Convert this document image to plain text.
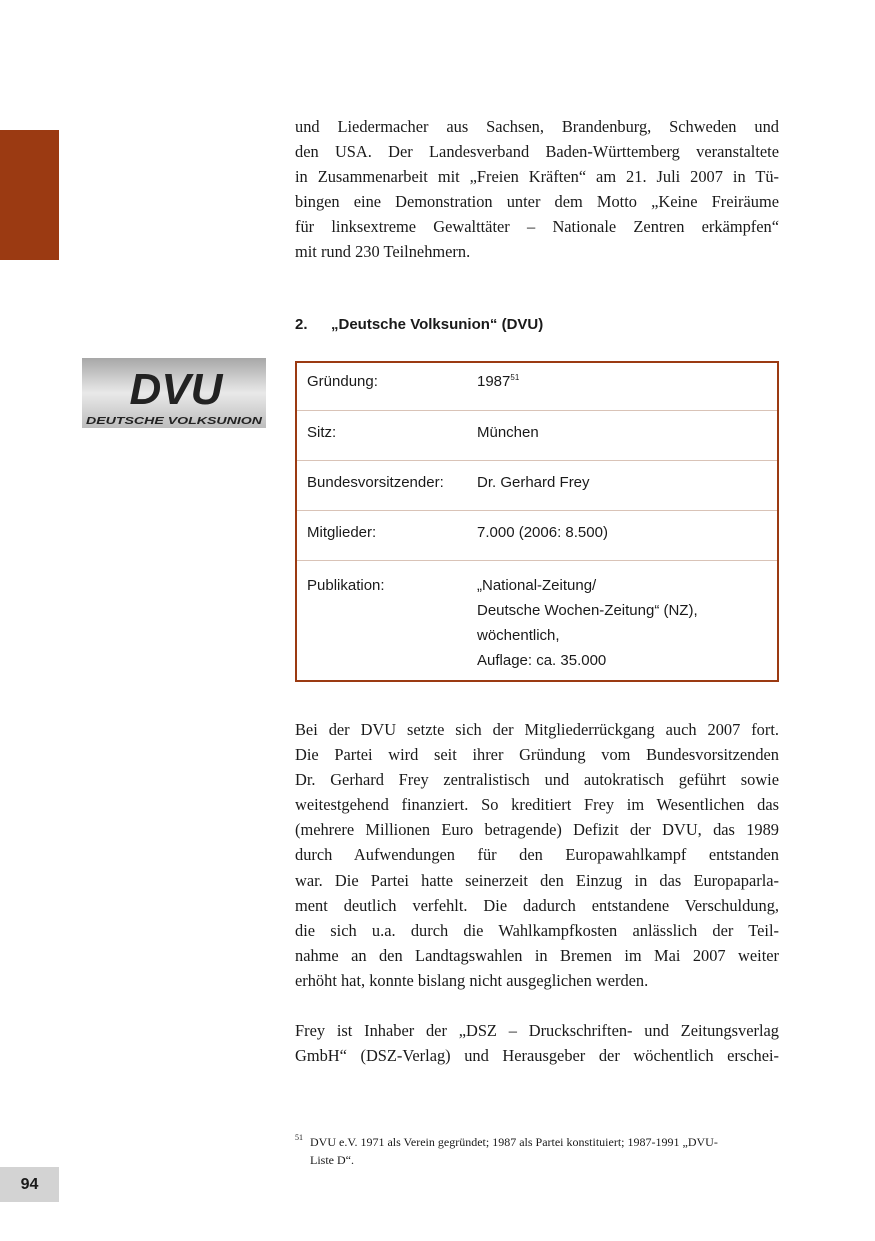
und Liedermacher aus Sachsen, Brandenburg, Schweden und
den USA. Der Landesverband Baden-Württemberg veranstaltete
in Zusammenarbeit mit „Freien Kräften“ am 21. Juli 2007 in Tü-
bingen eine Demonstration unter dem Motto „Keine Freiräume
für linksextreme Gewalttäter – Nationale Zentren erkämpfen“
mit rund 230 Teilnehmern.

2. „Deutsche Volksunion“ (DVU)
DVU
DEUTSCHE VOLKSUNION
Gründung:	1987$^{51}$
Sitz:	München
Bundesvorsitzender:	Dr. Gerhard Frey
Mitglieder:	7.000 (2006: 8.500)
Publikation:	„National-Zeitung/
Deutsche Wochen-Zeitung“ (NZ),
wöchentlich,
Auflage: ca. 35.000

Bei der DVU setzte sich der Mitgliederrückgang auch 2007 fort.
Die Partei wird seit ihrer Gründung vom Bundesvorsitzenden
Dr. Gerhard Frey zentralistisch und autokratisch geführt sowie
weitestgehend finanziert. So kreditiert Frey im Wesentlichen das
(mehrere Millionen Euro betragende) Defizit der DVU, das 1989
durch Aufwendungen für den Europawahlkampf entstanden
war. Die Partei hatte seinerzeit den Einzug in das Europaparla-
ment deutlich verfehlt. Die dadurch entstandene Verschuldung,
die sich u.a. durch die Wahlkampfkosten anlässlich der Teil-
nahme an den Landtagswahlen in Bremen im Mai 2007 weiter
erhöht hat, konnte bislang nicht ausgeglichen werden.

Frey ist Inhaber der „DSZ – Druckschriften- und Zeitungsverlag
GmbH“ (DSZ-Verlag) und Herausgeber der wöchentlich erschei-

51 DVU e.V. 1971 als Verein gegründet; 1987 als Partei konstituiert; 1987-1991 „DVU-
Liste D“.
94
